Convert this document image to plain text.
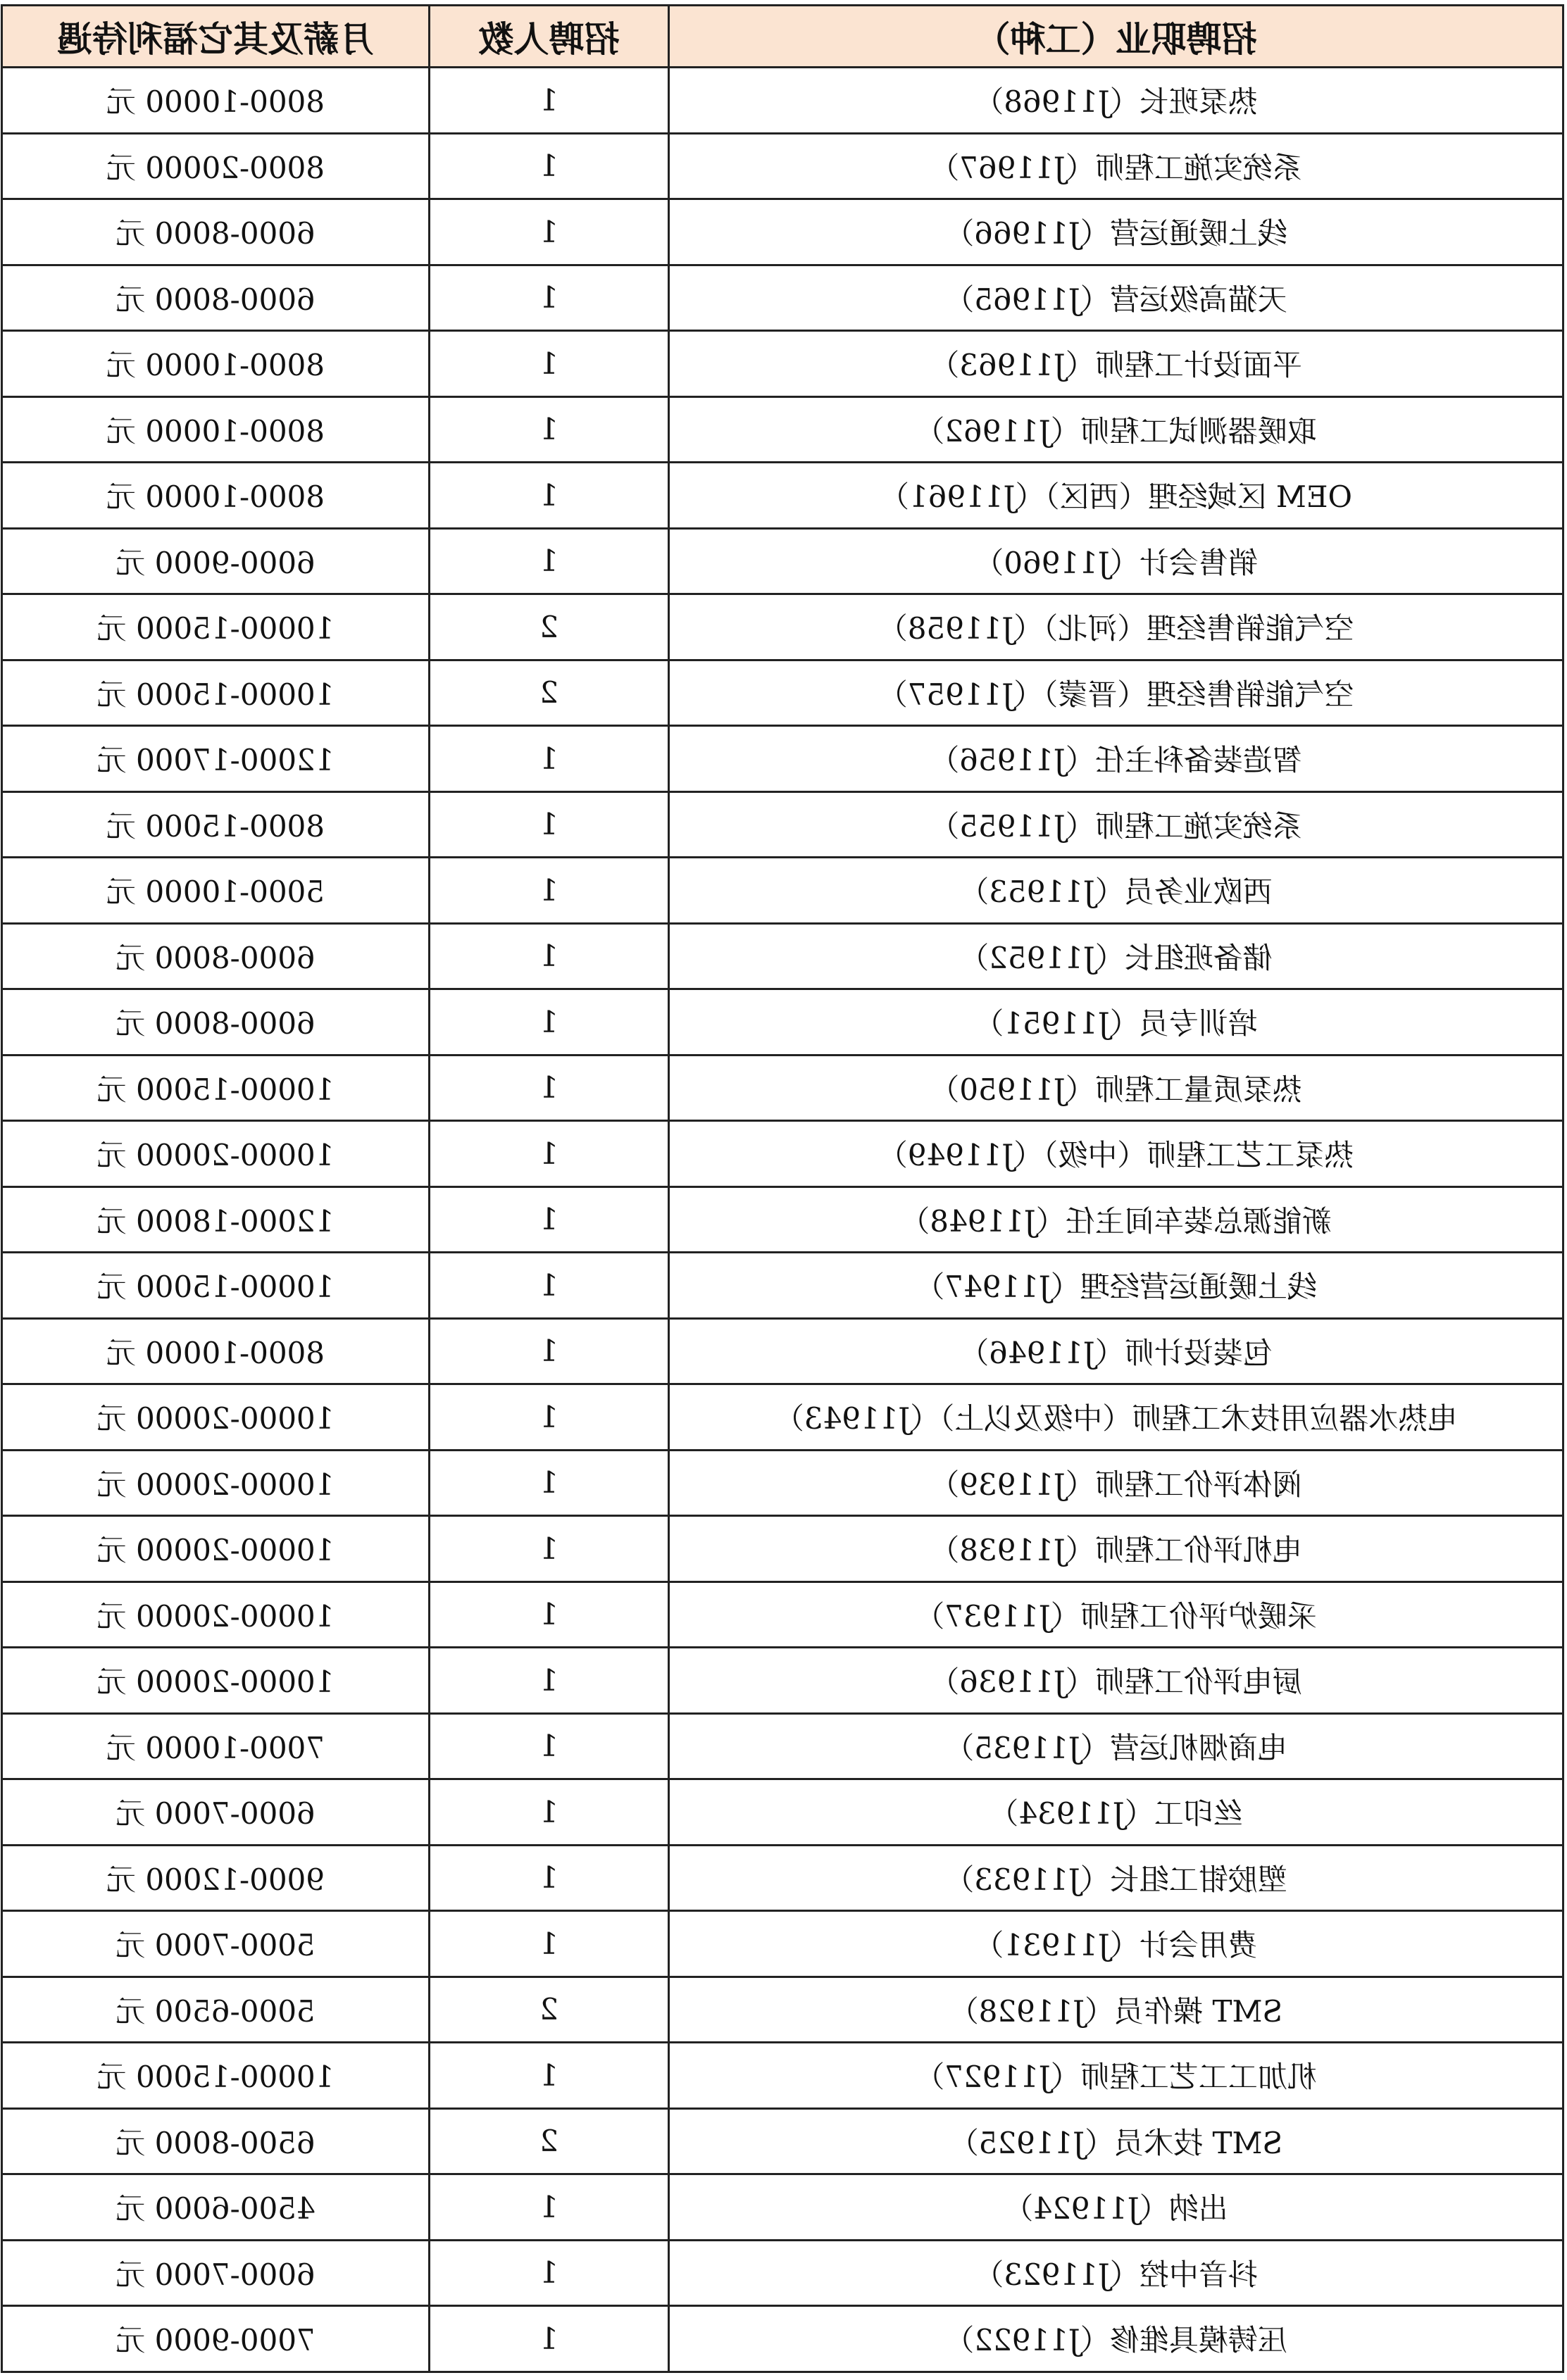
招聘职业（工种）	招聘人数	月薪及其它福利待遇
热泵班长（J11968）	1	8000-10000 元
系统实施工程师（J11967）	1	8000-20000 元
线上暖通运营（J11966）	1	6000-8000 元
天猫高级运营（J11965）	1	6000-8000 元
平面设计工程师（J11963）	1	8000-10000 元
取暖器测试工程师（J11962）	1	8000-10000 元
OEM 区域经理（西区）（J11961）	1	8000-10000 元
销售会计（J11960）	1	6000-9000 元
空气能销售经理（河北）（J11958）	2	10000-15000 元
空气能销售经理（晋蒙）（J11957）	2	10000-15000 元
智造装备科主任（J11956）	1	12000-17000 元
系统实施工程师（J11955）	1	8000-15000 元
西欧业务员（J11953）	1	5000-10000 元
储备班组长（J11952）	1	6000-8000 元
培训专员（J11951）	1	6000-8000 元
热泵质量工程师（J11950）	1	10000-15000 元
热泵工艺工程师（中级）（J11949）	1	10000-20000 元
新能源总装车间主任（J11948）	1	12000-18000 元
线上暖通运营经理（J11947）	1	10000-15000 元
包装设计师（J11946）	1	8000-10000 元
电热水器应用技术工程师（中级及以上）（J11943）	1	10000-20000 元
阀体评价工程师（J11939）	1	10000-20000 元
电机评价工程师（J11938）	1	10000-20000 元
采暖炉评价工程师（J11937）	1	10000-20000 元
厨电评价工程师（J11936）	1	10000-20000 元
电商烟机运营（J11935）	1	7000-10000 元
丝印工（J11934）	1	6000-7000 元
塑胶钳工组长（J11933）	1	9000-12000 元
费用会计（J11931）	1	5000-7000 元
SMT 操作员（J11928）	2	5000-6500 元
机加工工艺工程师（J11927）	1	10000-15000 元
SMT 技术员（J11925）	2	6500-8000 元
出纳（J11924）	1	4500-6000 元
抖音中控（J11923）	1	6000-7000 元
压铸模具维修（J11922）	1	7000-9000 元
